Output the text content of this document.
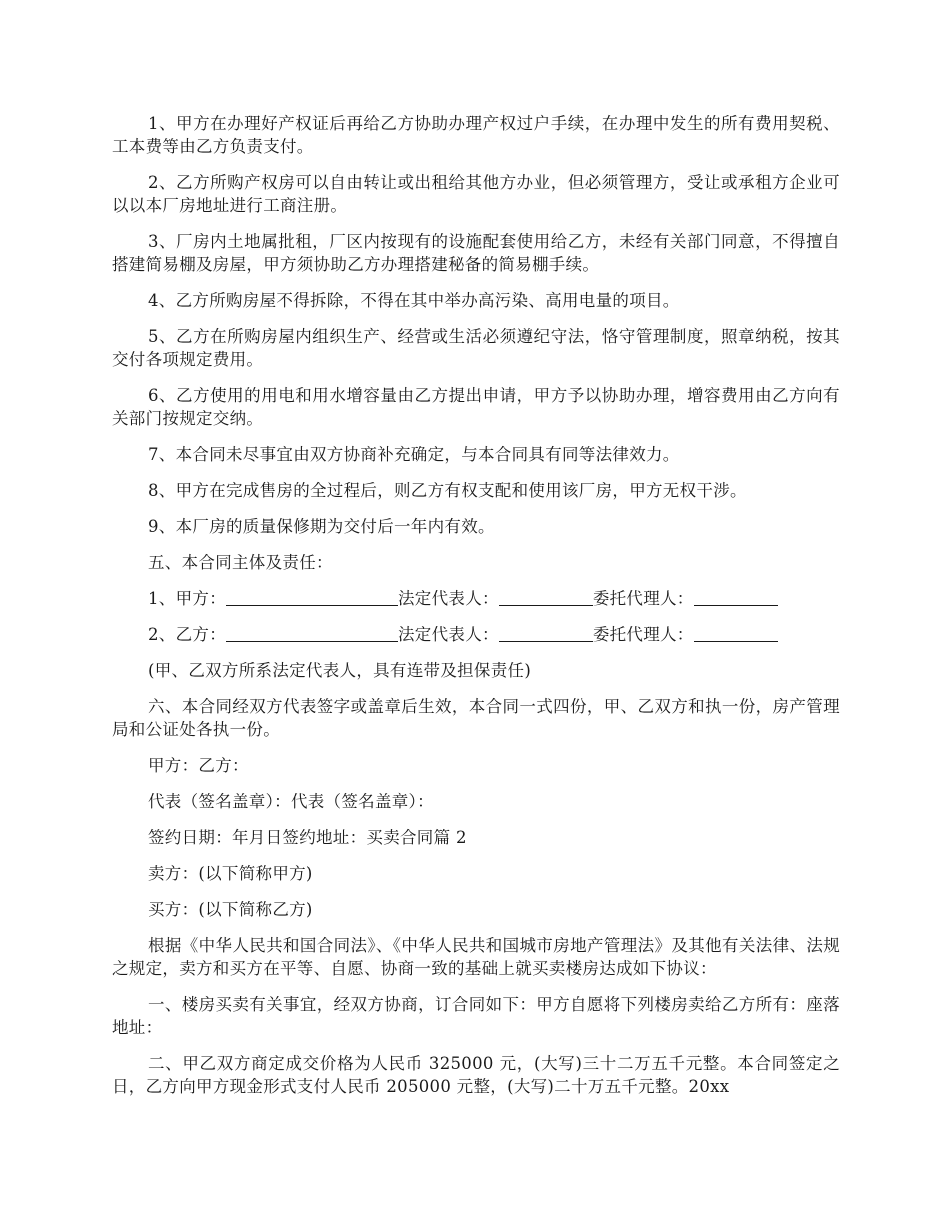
1、甲方在办理好产权证后再给乙方协助办理产权过户手续，在办理中发生的所有费用契税、工本费等由乙方负责支付。

2、乙方所购产权房可以自由转让或出租给其他方办业，但必须管理方，受让或承租方企业可以以本厂房地址进行工商注册。

3、厂房内土地属批租，厂区内按现有的设施配套使用给乙方，未经有关部门同意，不得擅自搭建简易棚及房屋，甲方须协助乙方办理搭建秘备的简易棚手续。

4、乙方所购房屋不得拆除，不得在其中举办高污染、高用电量的项目。

5、乙方在所购房屋内组织生产、经营或生活必须遵纪守法，恪守管理制度，照章纳税，按其交付各项规定费用。

6、乙方使用的用电和用水增容量由乙方提出申请，甲方予以协助办理，增容费用由乙方向有关部门按规定交纳。

7、本合同未尽事宜由双方协商补充确定，与本合同具有同等法律效力。

8、甲方在完成售房的全过程后，则乙方有权支配和使用该厂房，甲方无权干涉。

9、本厂房的质量保修期为交付后一年内有效。

五、本合同主体及责任：

1、甲方：	法定代表人：	委托代理人：

2、乙方：	法定代表人：	委托代理人：

(甲、乙双方所系法定代表人，具有连带及担保责任)

六、本合同经双方代表签字或盖章后生效，本合同一式四份，甲、乙双方和执一份，房产管理局和公证处各执一份。

甲方：乙方：

代表（签名盖章）：代表（签名盖章）：

签约日期：年月日签约地址：买卖合同篇 2

卖方：(以下简称甲方)

买方：(以下简称乙方)

根据《中华人民共和国合同法》、《中华人民共和国城市房地产管理法》及其他有关法律、法规之规定，卖方和买方在平等、自愿、协商一致的基础上就买卖楼房达成如下协议：

一、楼房买卖有关事宜，经双方协商，订合同如下：甲方自愿将下列楼房卖给乙方所有：座落地址：

二、甲乙双方商定成交价格为人民币 325000 元，(大写)三十二万五千元整。本合同签定之日，乙方向甲方现金形式支付人民币 205000 元整，(大写)二十万五千元整。20xx
